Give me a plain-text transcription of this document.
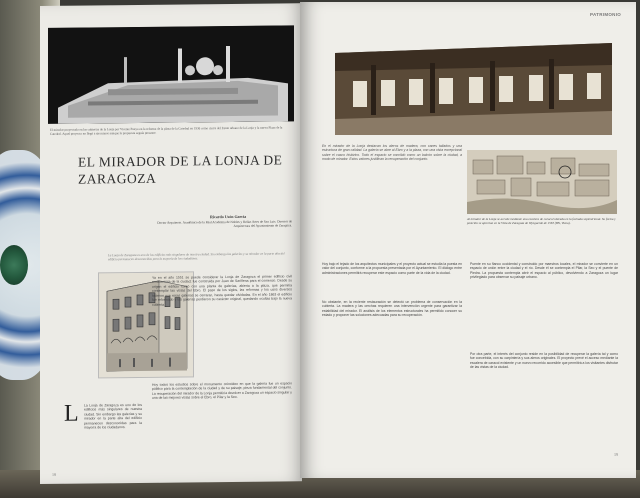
El mirador proyectado en las cubiertas de la Lonja por Vicente Pueyo en la reforma de la plaza de la Catedral en 1936 como cierre del frente urbano de la Lonja y la nueva Plaza de la Catedral. Aquel proyecto no llegó a ejecutarse aunque la propuesta seguía presente.
EL MIRADOR DE LA LONJA DE ZARAGOZA
Ricardo Usón García
Doctor Arquitecto. Académico de la Real Academia de Nobles y Bellas Artes de San Luis. Director de Arquitectura del Ayuntamiento de Zaragoza.
La Lonja de Zaragoza es uno de los edificios más singulares de nuestra ciudad. Sin embargo las galerías y su mirador en la parte alta del edificio permanecen desconocidas para la mayoría de los ciudadanos.
Ya en el año 1551 se puede considerar la Lonja de Zaragoza el primer edificio civil renacentista de la ciudad; fue construida por Juan de Sariñena para el comercio. Desde su origen el edificio contó con una planta de galerías, abierta a la plaza, que permitía contemplar las vistas del Ebro. El paso de los siglos, las reformas y los usos diversos hicieron que estas galerías se cerraran, hasta quedar olvidadas. En el año 1863 el edificio fue reformado y las galerías perdieron su carácter original, quedando ocultas bajo la nueva cubierta.
Hoy todos los estudios sobre el monumento coinciden en que la galería fue un espacio público para la contemplación de la ciudad y de su paisaje, pieza fundamental del conjunto. La recuperación del mirador de la Lonja permitiría devolver a Zaragoza un espacio singular y una de las mejores vistas sobre el Ebro, el Pilar y la Seo.
La Lonja de Zaragoza es uno de los edificios más singulares de nuestra ciudad. Sin embargo las galerías y su mirador en la parte alta del edificio permanecen desconocidas para la mayoría de los ciudadanos.
L
18
PATRIMONIO
En el mirador de la Lonja destacan los aleros de madera, con canes tallados y una estructura de gran calidad. La galería se abre al Ebro y a la plaza, con una vista excepcional sobre el casco histórico. Todo el espacio se concibió como un balcón sobre la ciudad, a modo de mirador. Estos valores justifican la recuperación del conjunto.
Al mirador de la Lonja se accede mediante una escalera de caracol ubicada en la fachada septentrional. Su forma y posición se aprecian en la Vista de Zaragoza de Wyngaerde de 1563 (BN, Viena).
Hoy bajo el tejado de los arquitectos municipales y el proyecto actual se estudia la puesta en valor del conjunto, conforme a la propuesta presentada por el Ayuntamiento. El diálogo entre administraciones permitirá recuperar este espacio como parte de la vida de la ciudad.
No obstante, en la reciente restauración se detectó un problema de conservación en la cubierta. La madera y las cerchas requieren una intervención urgente para garantizar la estabilidad del mirador. El análisis de los elementos estructurales ha permitido conocer su estado y proponer las soluciones adecuadas para su recuperación.
Puente en su flanco occidental y construido por maestros locales, el mirador se convierte en un espacio de unión entre la ciudad y el río. Desde él se contempla el Pilar, la Seo y el puente de Piedra. La propuesta contempla abrir el espacio al público, devolviendo a Zaragoza un lugar privilegiado para observar su paisaje urbano.
Por otra parte, el interés del conjunto reside en la posibilidad de recuperar la galería tal y como fue concebida, con su carpintería y sus aleros originales. El proyecto prevé el acceso mediante la escalera de caracol existente y un nuevo recorrido accesible que permitirá a los visitantes disfrutar de las vistas de la ciudad.
19
